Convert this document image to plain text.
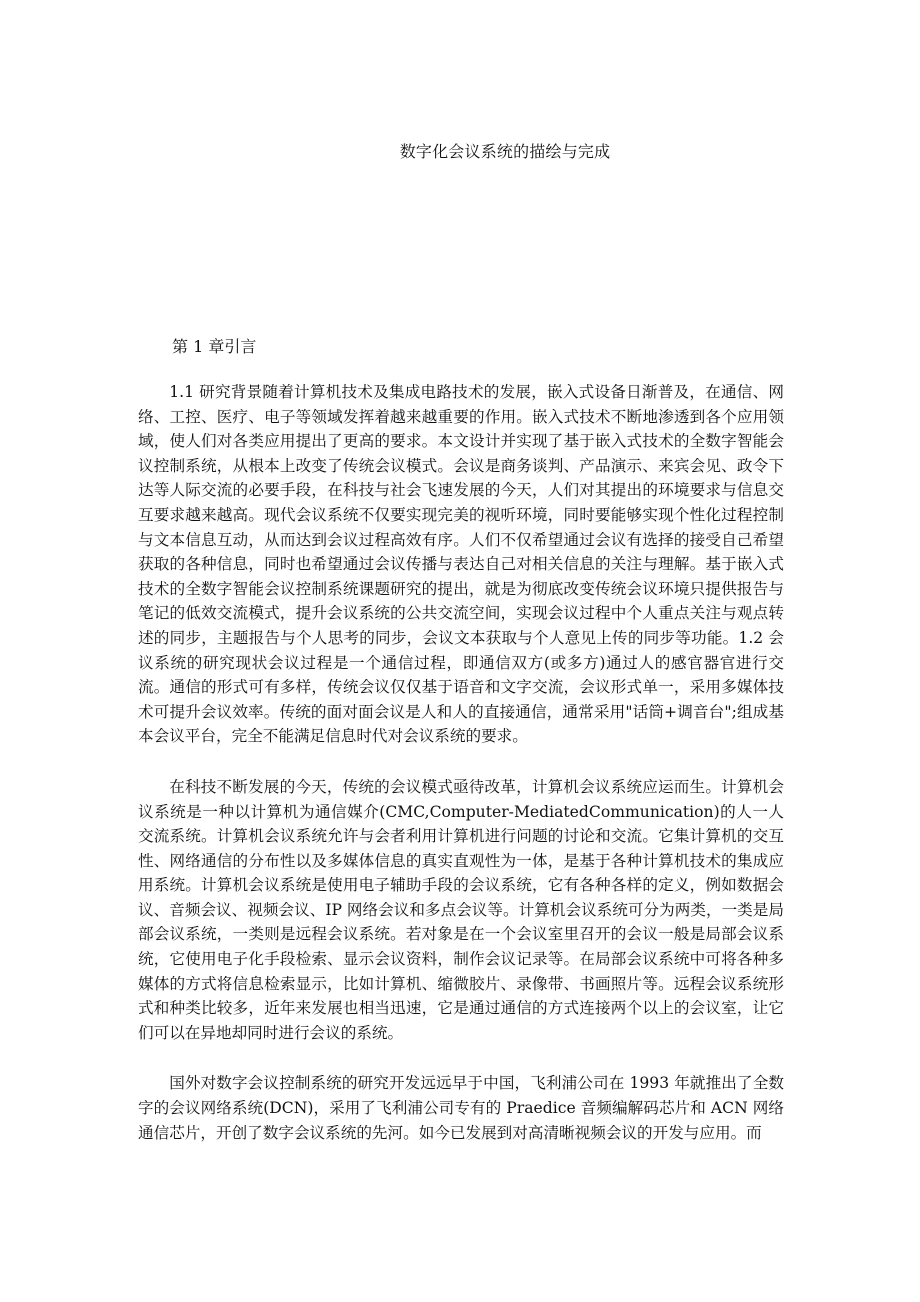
数字化会议系统的描绘与完成
第 1 章引言

1.1 研究背景随着计算机技术及集成电路技术的发展，嵌入式设备日渐普及，在通信、网络、工控、医疗、电子等领域发挥着越来越重要的作用。嵌入式技术不断地渗透到各个应用领域，使人们对各类应用提出了更高的要求。本文设计并实现了基于嵌入式技术的全数字智能会议控制系统，从根本上改变了传统会议模式。会议是商务谈判、产品演示、来宾会见、政令下达等人际交流的必要手段，在科技与社会飞速发展的今天，人们对其提出的环境要求与信息交互要求越来越高。现代会议系统不仅要实现完美的视听环境，同时要能够实现个性化过程控制与文本信息互动，从而达到会议过程高效有序。人们不仅希望通过会议有选择的接受自己希望获取的各种信息，同时也希望通过会议传播与表达自己对相关信息的关注与理解。基于嵌入式技术的全数字智能会议控制系统课题研究的提出，就是为彻底改变传统会议环境只提供报告与笔记的低效交流模式，提升会议系统的公共交流空间，实现会议过程中个人重点关注与观点转述的同步，主题报告与个人思考的同步，会议文本获取与个人意见上传的同步等功能。1.2 会议系统的研究现状会议过程是一个通信过程，即通信双方(或多方)通过人的感官器官进行交流。通信的形式可有多样，传统会议仅仅基于语音和文字交流，会议形式单一，采用多媒体技术可提升会议效率。传统的面对面会议是人和人的直接通信，通常采用"话筒+调音台";组成基本会议平台，完全不能满足信息时代对会议系统的要求。

在科技不断发展的今天，传统的会议模式亟待改革，计算机会议系统应运而生。计算机会议系统是一种以计算机为通信媒介(CMC,Computer-MediatedCommunication)的人一人交流系统。计算机会议系统允许与会者利用计算机进行问题的讨论和交流。它集计算机的交互性、网络通信的分布性以及多媒体信息的真实直观性为一体，是基于各种计算机技术的集成应用系统。计算机会议系统是使用电子辅助手段的会议系统，它有各种各样的定义，例如数据会议、音频会议、视频会议、IP 网络会议和多点会议等。计算机会议系统可分为两类，一类是局部会议系统，一类则是远程会议系统。若对象是在一个会议室里召开的会议一般是局部会议系统，它使用电子化手段检索、显示会议资料，制作会议记录等。在局部会议系统中可将各种多媒体的方式将信息检索显示，比如计算机、缩微胶片、录像带、书画照片等。远程会议系统形式和种类比较多，近年来发展也相当迅速，它是通过通信的方式连接两个以上的会议室，让它们可以在异地却同时进行会议的系统。

国外对数字会议控制系统的研究开发远远早于中国，飞利浦公司在 1993 年就推出了全数字的会议网络系统(DCN)，采用了飞利浦公司专有的 Praedice 音频编解码芯片和 ACN 网络通信芯片，开创了数字会议系统的先河。如今已发展到对高清晰视频会议的开发与应用。而
